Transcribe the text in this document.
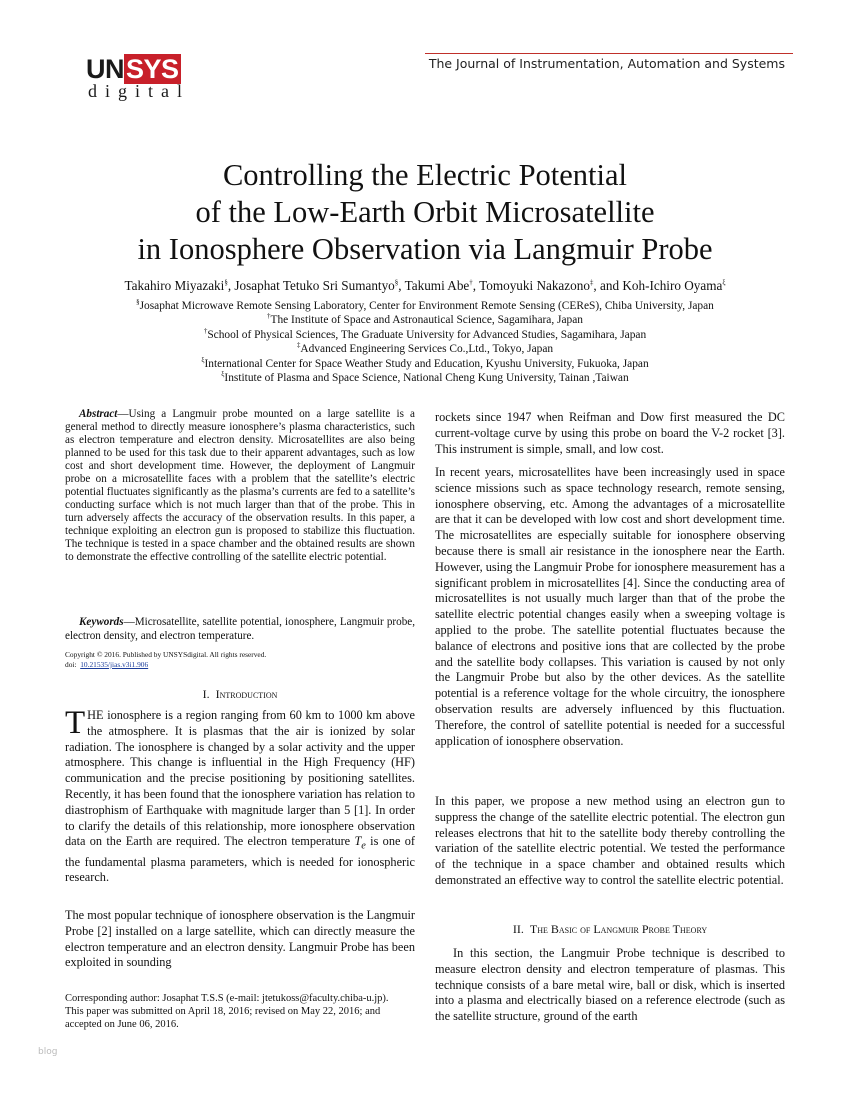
UNSYS
digital
The Journal of Instrumentation, Automation and Systems
Controlling the Electric Potential
of the Low-Earth Orbit Microsatellite
in Ionosphere Observation via Langmuir Probe
Takahiro Miyazaki§, Josaphat Tetuko Sri Sumantyo§, Takumi Abe†, Tomoyuki Nakazono‡, and Koh-Ichiro Oyama$^\xi$
§Josaphat Microwave Remote Sensing Laboratory, Center for Environment Remote Sensing (CEReS), Chiba University, Japan
†The Institute of Space and Astronautical Science, Sagamihara, Japan
†School of Physical Sciences, The Graduate University for Advanced Studies, Sagamihara, Japan
‡Advanced Engineering Services Co.,Ltd., Tokyo, Japan
$^\xi$International Center for Space Weather Study and Education, Kyushu University, Fukuoka, Japan
$^\xi$Institute of Plasma and Space Science, National Cheng Kung University, Tainan ,Taiwan
Abstract—Using a Langmuir probe mounted on a large satellite is a general method to directly measure ionosphere’s plasma characteristics, such as electron temperature and electron density. Microsatellites are also being planned to be used for this task due to their apparent advantages, such as low cost and short development time. However, the deployment of Langmuir probe on a microsatellite faces with a problem that the satellite’s electric potential fluctuates significantly as the plasma’s currents are fed to a satellite’s conducting surface which is not much larger than that of the probe. This in turn adversely affects the accuracy of the observation results. In this paper, a technique exploiting an electron gun is proposed to stabilize this fluctuation. The technique is tested in a space chamber and the obtained results are shown to demonstrate the effective controlling of the satellite electric potential.
Keywords—Microsatellite, satellite potential, ionosphere, Langmuir probe, electron density, and electron temperature.
Copyright © 2016. Published by UNSYSdigital. All rights reserved.
doi: 10.21535/jias.v3i1.906
I. Introduction
THE ionosphere is a region ranging from 60 km to 1000 km above the atmosphere. It is plasmas that the air is ionized by solar radiation. The ionosphere is changed by a solar activity and the upper atmosphere. This change is influential in the High Frequency (HF) communication and the precise positioning by positioning satellites. Recently, it has been found that the ionosphere variation has relation to diastrophism of Earthquake with magnitude larger than 5 [1]. In order to clarify the details of this relationship, more ionosphere observation data on the Earth are required. The electron temperature $T_e$ is one of the fundamental plasma parameters, which is needed for ionospheric research.
The most popular technique of ionosphere observation is the Langmuir Probe [2] installed on a large satellite, which can directly measure the electron temperature and an electron density. Langmuir Probe has been exploited in sounding
Corresponding author: Josaphat T.S.S (e-mail: jtetukoss@faculty.chiba-u.jp).
This paper was submitted on April 18, 2016; revised on May 22, 2016; and accepted on June 06, 2016.
rockets since 1947 when Reifman and Dow first measured the DC current-voltage curve by using this probe on board the V-2 rocket [3]. This instrument is simple, small, and low cost.
In recent years, microsatellites have been increasingly used in space science missions such as space technology research, remote sensing, ionosphere observing, etc. Among the advantages of a microsatellite are that it can be developed with low cost and short development time. The microsatellites are especially suitable for ionosphere observing because there is small air resistance in the ionosphere near the Earth. However, using the Langmuir Probe for ionosphere measurement has a significant problem in microsatellites [4]. Since the conducting area of microsatellites is not usually much larger than that of the probe the satellite electric potential changes easily when a sweeping voltage is applied to the probe. The satellite potential fluctuates because the balance of electrons and positive ions that are collected by the probe and the satellite body collapses. This variation is caused by not only the Langmuir Probe but also by the other devices. As the satellite potential is a reference voltage for the whole circuitry, the ionosphere observation results are adversely influenced by this fluctuation. Therefore, the control of satellite potential is needed for a successful application of ionosphere observation.
In this paper, we propose a new method using an electron gun to suppress the change of the satellite electric potential. The electron gun releases electrons that hit to the satellite body thereby controlling the variation of the satellite electric potential. We tested the performance of the technique in a space chamber and obtained results which demonstrated an effective way to control the satellite electric potential.
II. The Basic of Langmuir Probe Theory
In this section, the Langmuir Probe technique is described to measure electron density and electron temperature of plasmas. This technique consists of a bare metal wire, ball or disk, which is inserted into a plasma and electrically biased on a reference electrode (such as the satellite structure, ground of the earth
blog
